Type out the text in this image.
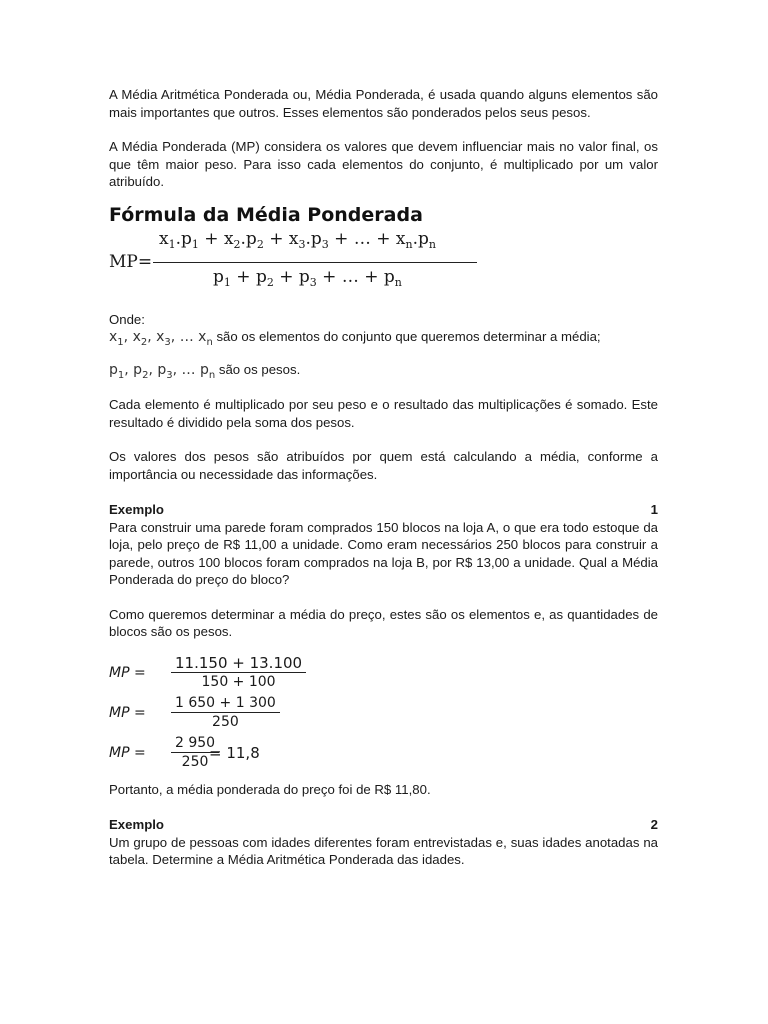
A Média Aritmética Ponderada ou, Média Ponderada, é usada quando alguns elementos são mais importantes que outros. Esses elementos são ponderados pelos seus pesos.

A Média Ponderada (MP) considera os valores que devem influenciar mais no valor final, os que têm maior peso. Para isso cada elementos do conjunto, é multiplicado por um valor atribuído.

Fórmula da Média Ponderada
MP=
$x_1.p_1 + x_2.p_2 + x_3.p_3$ + … + $x_n.p_n$
$p_1 + p_2 + p_3$ + … + $p_n$
Onde:
$x_1$, $x_2$, $x_3$, … $x_n$ são os elementos do conjunto que queremos determinar a média;
$p_1$, $p_2$, $p_3$, … $p_n$ são os pesos.

Cada elemento é multiplicado por seu peso e o resultado das multiplicações é somado. Este resultado é dividido pela soma dos pesos.

Os valores dos pesos são atribuídos por quem está calculando a média, conforme a importância ou necessidade das informações.

Exemplo	1

Para construir uma parede foram comprados 150 blocos na loja A, o que era todo estoque da loja, pelo preço de R$ 11,00 a unidade. Como eram necessários 250 blocos para construir a parede, outros 100 blocos foram comprados na loja B, por R$ 13,00 a unidade. Qual a Média Ponderada do preço do bloco?

Como queremos determinar a média do preço, estes são os elementos e, as quantidades de blocos são os pesos.

MP = $\frac{11.150 + 13.100}{150 + 100}$
MP = $\frac{1 650 + 1 300}{250}$
MP = $\frac{2 950}{250}$
= 11,8

Portanto, a média ponderada do preço foi de R$ 11,80.

Exemplo	2

Um grupo de pessoas com idades diferentes foram entrevistadas e, suas idades anotadas na tabela. Determine a Média Aritmética Ponderada das idades.
